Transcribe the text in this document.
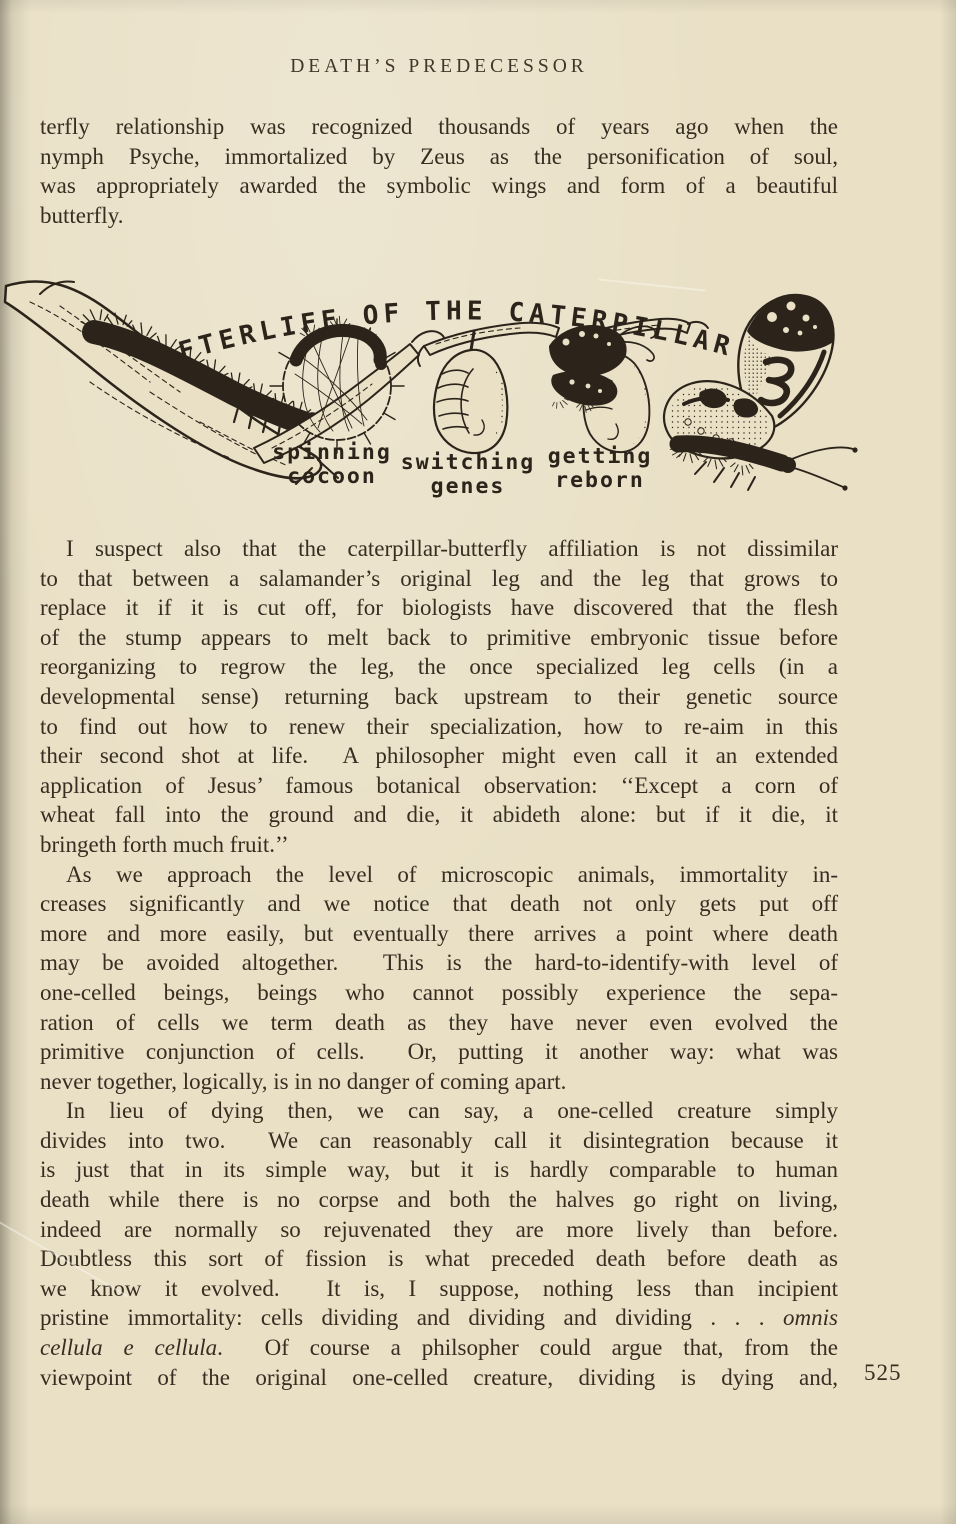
DEATH’S PREDECESSOR
terfly relationship was recognized thousands of years ago when the
nymph Psyche, immortalized by Zeus as the personification of soul,
was appropriately awarded the symbolic wings and form of a beautiful
butterfly.
AFTERLIFE OF THE CATERPILLAR
spinning
cocoon
switching
genes
getting
reborn
I suspect also that the caterpillar-butterfly affiliation is not dissimilar
to that between a salamander’s original leg and the leg that grows to
replace it if it is cut off, for biologists have discovered that the flesh
of the stump appears to melt back to primitive embryonic tissue before
reorganizing to regrow the leg, the once specialized leg cells (in a
developmental sense) returning back upstream to their genetic source
to find out how to renew their specialization, how to re-aim in this
their second shot at life.  A philosopher might even call it an extended
application of Jesus’ famous botanical observation: ‘‘Except a corn of
wheat fall into the ground and die, it abideth alone: but if it die, it
bringeth forth much fruit.’’
As we approach the level of microscopic animals, immortality in-
creases significantly and we notice that death not only gets put off
more and more easily, but eventually there arrives a point where death
may be avoided altogether.  This is the hard-to-identify-with level of
one-celled beings, beings who cannot possibly experience the sepa-
ration of cells we term death as they have never even evolved the
primitive conjunction of cells.  Or, putting it another way: what was
never together, logically, is in no danger of coming apart.
In lieu of dying then, we can say, a one-celled creature simply
divides into two.  We can reasonably call it disintegration because it
is just that in its simple way, but it is hardly comparable to human
death while there is no corpse and both the halves go right on living,
indeed are normally so rejuvenated they are more lively than before.
Doubtless this sort of fission is what preceded death before death as
we know it evolved.  It is, I suppose, nothing less than incipient
pristine immortality: cells dividing and dividing and dividing . . . omnis
cellula e cellula.  Of course a philsopher could argue that, from the
viewpoint of the original one-celled creature, dividing is dying and, 525
